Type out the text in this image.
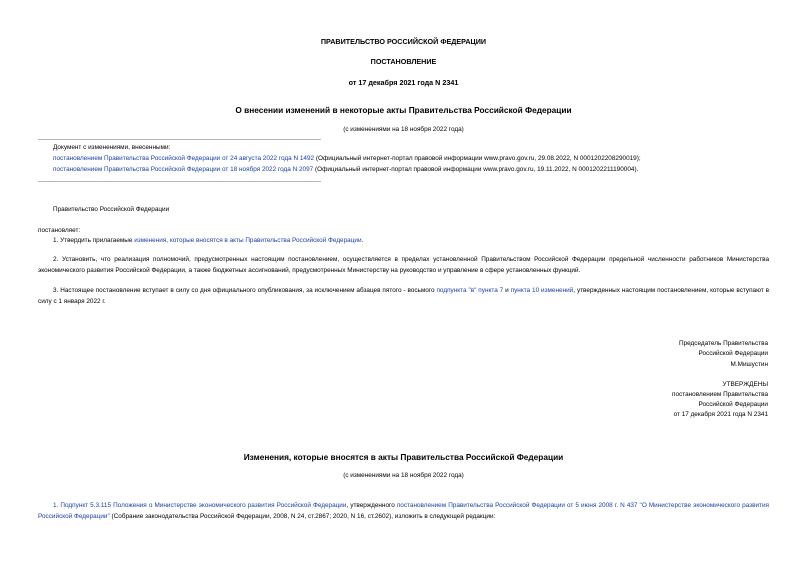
ПРАВИТЕЛЬСТВО РОССИЙСКОЙ ФЕДЕРАЦИИ
ПОСТАНОВЛЕНИЕ
от 17 декабря 2021 года N 2341
О внесении изменений в некоторые акты Правительства Российской Федерации
(с изменениями на 18 ноября 2022 года)
Документ с изменениями, внесенными:
постановлением Правительства Российской Федерации от 24 августа 2022 года N 1492 (Официальный интернет-портал правовой информации www.pravo.gov.ru, 29.08.2022, N 0001202208290019);
постановлением Правительства Российской Федерации от 18 ноября 2022 года N 2097 (Официальный интернет-портал правовой информации www.pravo.gov.ru, 19.11.2022, N 0001202211190004).
Правительство Российской Федерации
постановляет:
1. Утвердить прилагаемые изменения, которые вносятся в акты Правительства Российской Федерации.
2. Установить, что реализация полномочий, предусмотренных настоящим постановлением, осуществляется в пределах установленной Правительством Российской Федерации предельной численности работников Министерства экономического развития Российской Федерации, а также бюджетных ассигнований, предусмотренных Министерству на руководство и управление в сфере установленных функций.
3. Настоящее постановление вступает в силу со дня официального опубликования, за исключением абзацев пятого - восьмого подпункта "в" пункта 7 и пункта 10 изменений, утвержденных настоящим постановлением, которые вступают в силу с 1 января 2022 г.
Председатель Правительства
Российской Федерации
М.Мишустин
УТВЕРЖДЕНЫ
постановлением Правительства
Российской Федерации
от 17 декабря 2021 года N 2341
Изменения, которые вносятся в акты Правительства Российской Федерации
(с изменениями на 18 ноября 2022 года)
1. Подпункт 5.3.115 Положения о Министерстве экономического развития Российской Федерации, утвержденного постановлением Правительства Российской Федерации от 5 июня 2008 г. N 437 "О Министерстве экономического развития Российской Федерации" (Собрание законодательства Российской Федерации, 2008, N 24, ст.2867; 2020, N 16, ст.2602), изложить в следующей редакции:
